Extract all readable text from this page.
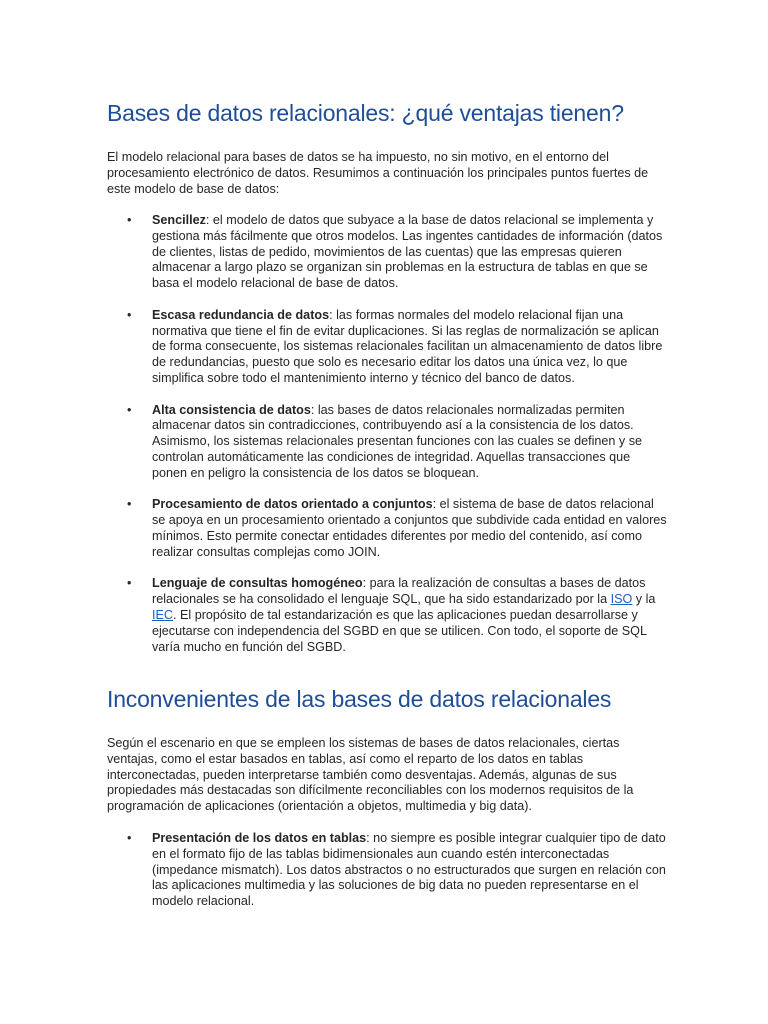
Bases de datos relacionales: ¿qué ventajas tienen?

El modelo relacional para bases de datos se ha impuesto, no sin motivo, en el entorno del procesamiento electrónico de datos. Resumimos a continuación los principales puntos fuertes de este modelo de base de datos:

• Sencillez: el modelo de datos que subyace a la base de datos relacional se implementa y gestiona más fácilmente que otros modelos. Las ingentes cantidades de información (datos de clientes, listas de pedido, movimientos de las cuentas) que las empresas quieren almacenar a largo plazo se organizan sin problemas en la estructura de tablas en que se basa el modelo relacional de base de datos.
• Escasa redundancia de datos: las formas normales del modelo relacional fijan una normativa que tiene el fin de evitar duplicaciones. Si las reglas de normalización se aplican de forma consecuente, los sistemas relacionales facilitan un almacenamiento de datos libre de redundancias, puesto que solo es necesario editar los datos una única vez, lo que simplifica sobre todo el mantenimiento interno y técnico del banco de datos.
• Alta consistencia de datos: las bases de datos relacionales normalizadas permiten almacenar datos sin contradicciones, contribuyendo así a la consistencia de los datos. Asimismo, los sistemas relacionales presentan funciones con las cuales se definen y se controlan automáticamente las condiciones de integridad. Aquellas transacciones que ponen en peligro la consistencia de los datos se bloquean.
• Procesamiento de datos orientado a conjuntos: el sistema de base de datos relacional se apoya en un procesamiento orientado a conjuntos que subdivide cada entidad en valores mínimos. Esto permite conectar entidades diferentes por medio del contenido, así como realizar consultas complejas como JOIN.
• Lenguaje de consultas homogéneo: para la realización de consultas a bases de datos relacionales se ha consolidado el lenguaje SQL, que ha sido estandarizado por la ISO y la IEC. El propósito de tal estandarización es que las aplicaciones puedan desarrollarse y ejecutarse con independencia del SGBD en que se utilicen. Con todo, el soporte de SQL varía mucho en función del SGBD.
Inconvenientes de las bases de datos relacionales

Según el escenario en que se empleen los sistemas de bases de datos relacionales, ciertas ventajas, como el estar basados en tablas, así como el reparto de los datos en tablas interconectadas, pueden interpretarse también como desventajas. Además, algunas de sus propiedades más destacadas son difícilmente reconciliables con los modernos requisitos de la programación de aplicaciones (orientación a objetos, multimedia y big data).

• Presentación de los datos en tablas: no siempre es posible integrar cualquier tipo de dato en el formato fijo de las tablas bidimensionales aun cuando estén interconectadas (impedance mismatch). Los datos abstractos o no estructurados que surgen en relación con las aplicaciones multimedia y las soluciones de big data no pueden representarse en el modelo relacional.
